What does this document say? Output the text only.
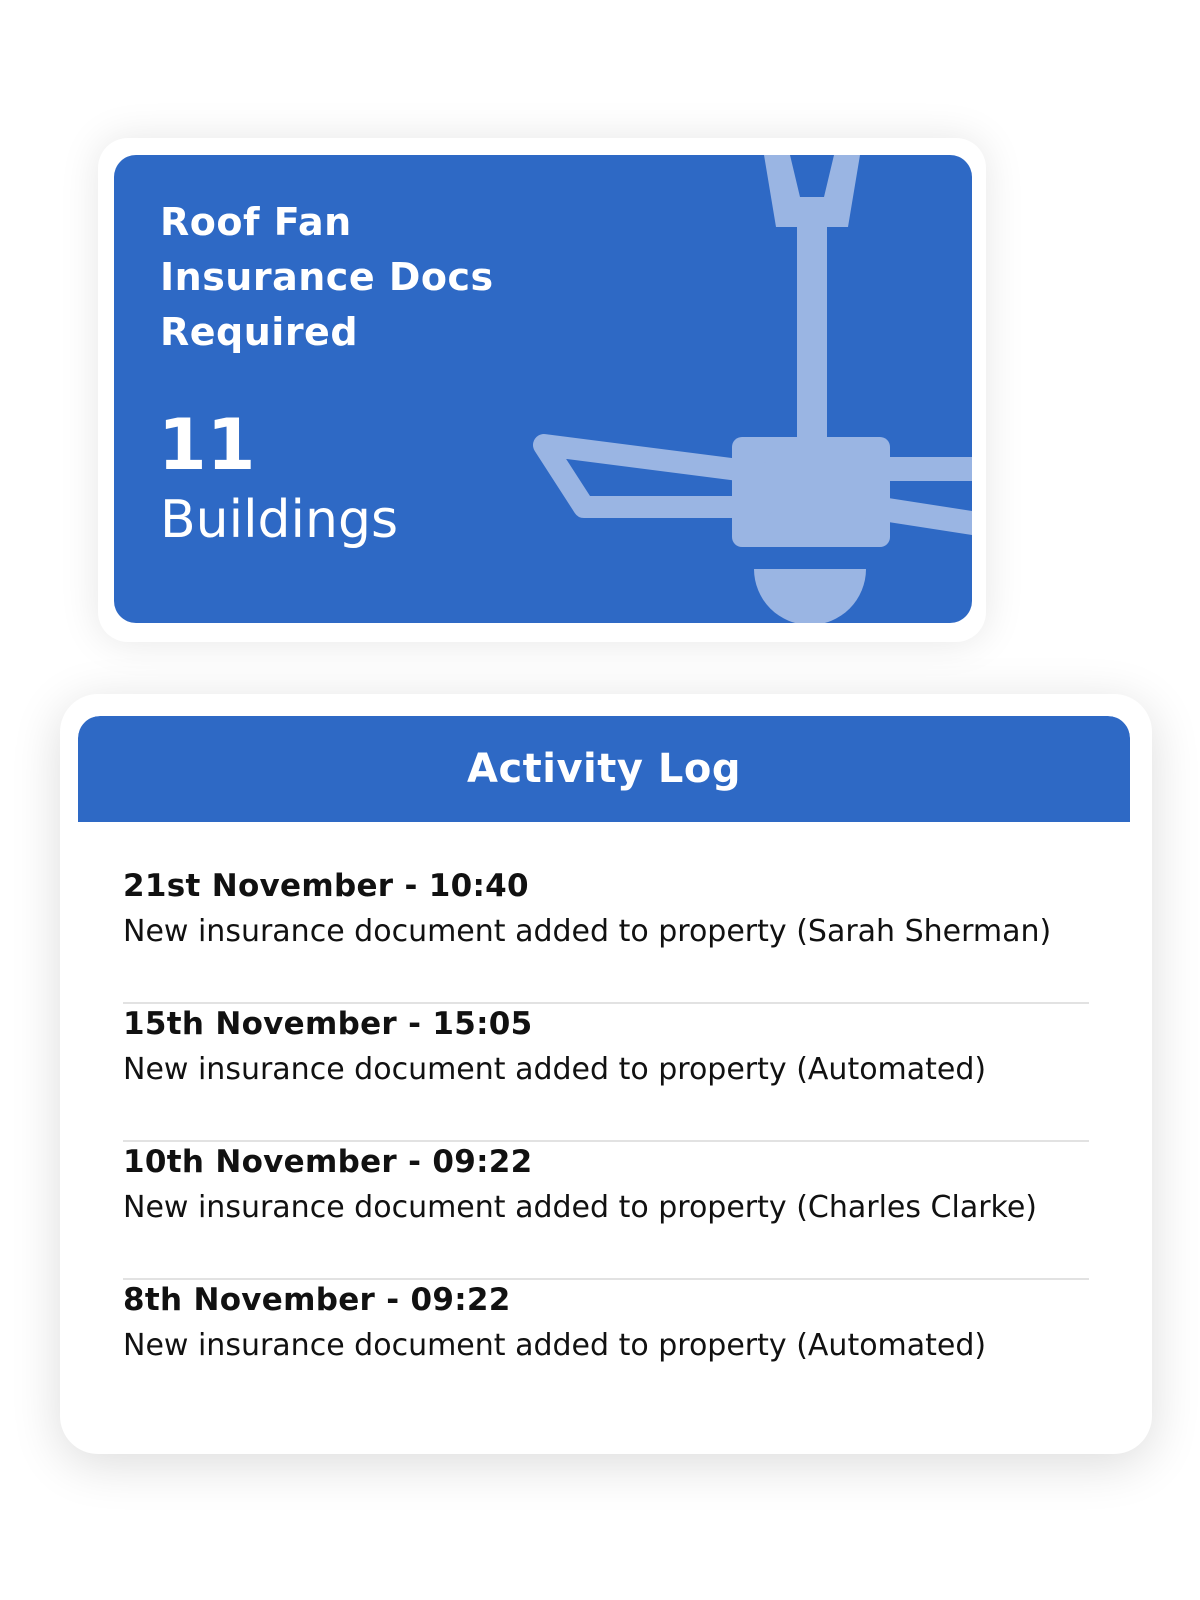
Roof Fan
Insurance Docs
Required
11
Buildings
Activity Log
21st November - 10:40
New insurance document added to property (Sarah Sherman)
15th November - 15:05
New insurance document added to property (Automated)
10th November - 09:22
New insurance document added to property (Charles Clarke)
8th November - 09:22
New insurance document added to property (Automated)
